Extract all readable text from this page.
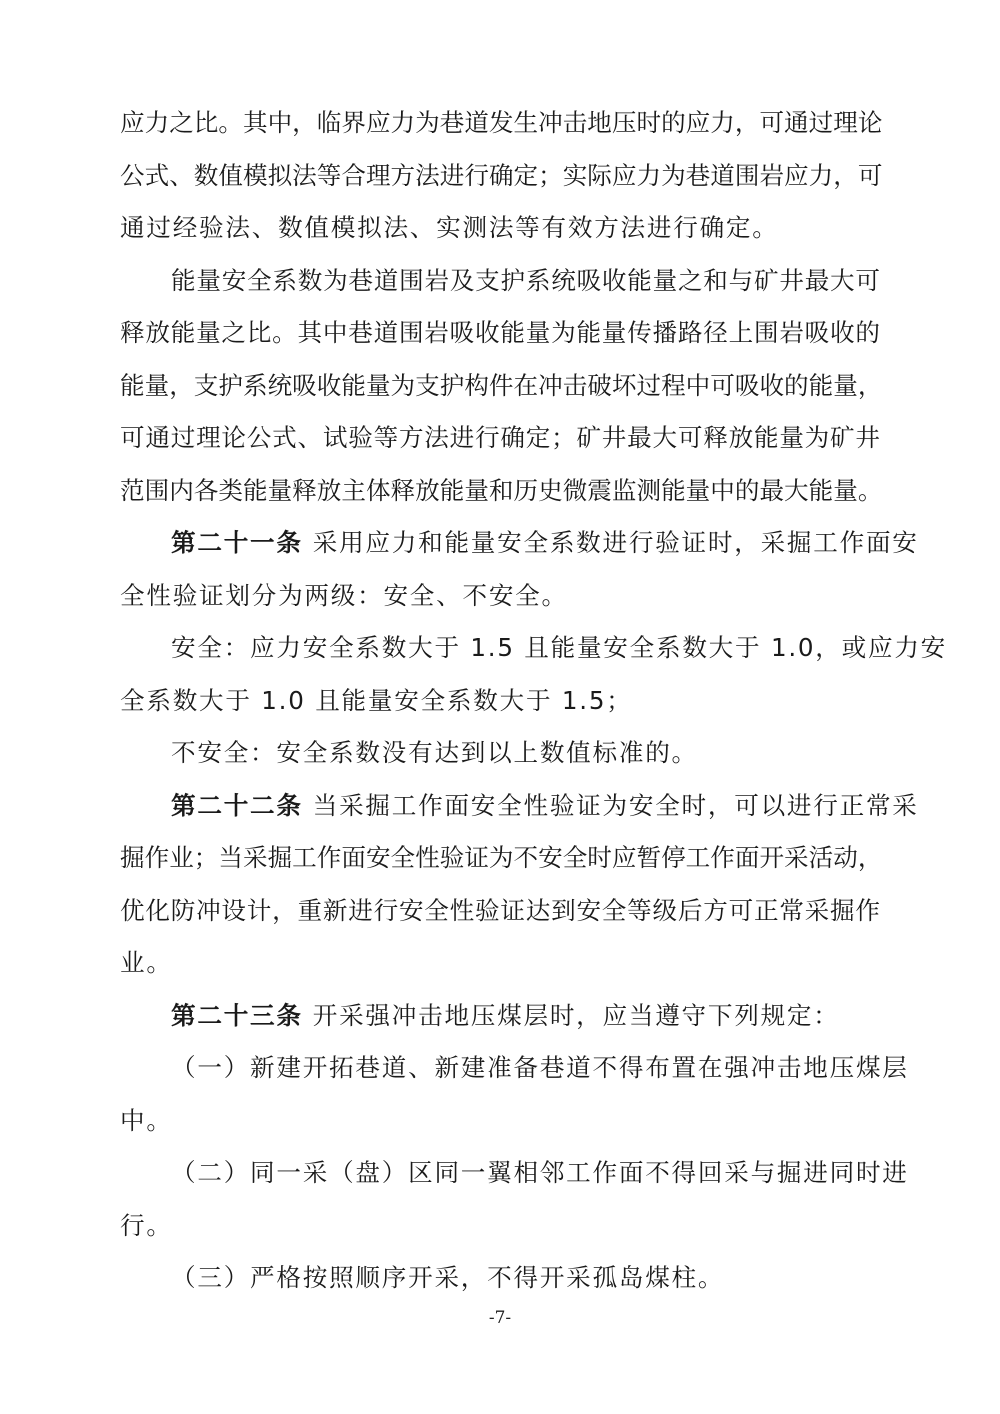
应力之比。其中，临界应力为巷道发生冲击地压时的应力，可通过理论
公式、数值模拟法等合理方法进行确定；实际应力为巷道围岩应力，可
通过经验法、数值模拟法、实测法等有效方法进行确定。
能量安全系数为巷道围岩及支护系统吸收能量之和与矿井最大可
释放能量之比。其中巷道围岩吸收能量为能量传播路径上围岩吸收的
能量，支护系统吸收能量为支护构件在冲击破坏过程中可吸收的能量，
可通过理论公式、试验等方法进行确定；矿井最大可释放能量为矿井
范围内各类能量释放主体释放能量和历史微震监测能量中的最大能量。
第二十一条 采用应力和能量安全系数进行验证时，采掘工作面安
全性验证划分为两级：安全、不安全。
安全：应力安全系数大于 1.5 且能量安全系数大于 1.0，或应力安
全系数大于 1.0 且能量安全系数大于 1.5；
不安全：安全系数没有达到以上数值标准的。
第二十二条 当采掘工作面安全性验证为安全时，可以进行正常采
掘作业；当采掘工作面安全性验证为不安全时应暂停工作面开采活动，
优化防冲设计，重新进行安全性验证达到安全等级后方可正常采掘作
业。
第二十三条 开采强冲击地压煤层时，应当遵守下列规定：
（一）新建开拓巷道、新建准备巷道不得布置在强冲击地压煤层
中。
（二）同一采（盘）区同一翼相邻工作面不得回采与掘进同时进
行。
（三）严格按照顺序开采，不得开采孤岛煤柱。
-7-
